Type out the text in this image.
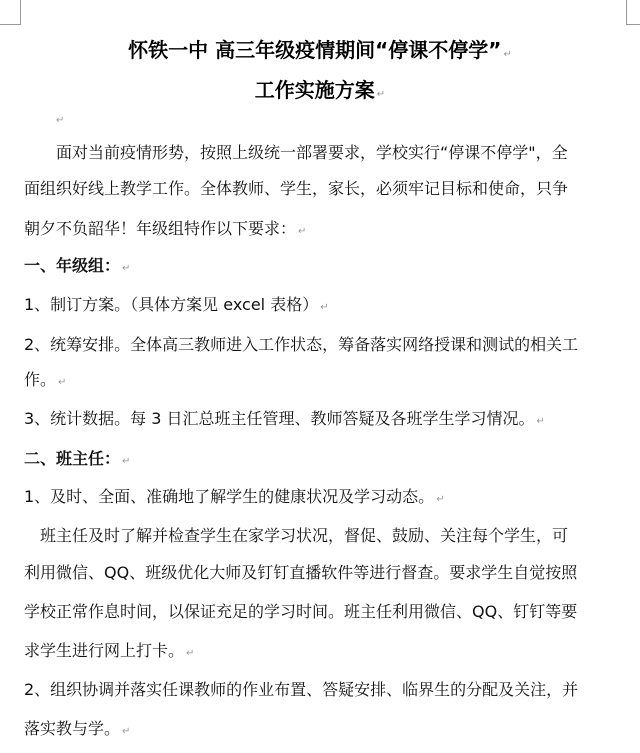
怀铁一中 高三年级疫情期间“停课不停学” ↵
工作实施方案 ↵
↵
　　面对当前疫情形势，按照上级统一部署要求，学校实行“停课不停学"，全
面组织好线上教学工作。全体教师、学生，家长，必须牢记目标和使命，只争
朝夕不负韶华！年级组特作以下要求： ↵
一、年级组： ↵
1、制订方案。（具体方案见 excel 表格） ↵
2、统筹安排。全体高三教师进入工作状态，筹备落实网络授课和测试的相关工
作。 ↵
3、统计数据。每 3 日汇总班主任管理、教师答疑及各班学生学习情况。 ↵
二、班主任： ↵
1、及时、全面、准确地了解学生的健康状况及学习动态。 ↵
　班主任及时了解并检查学生在家学习状况，督促、鼓励、关注每个学生，可
利用微信、QQ、班级优化大师及钉钉直播软件等进行督查。要求学生自觉按照
学校正常作息时间，以保证充足的学习时间。班主任利用微信、QQ、钉钉等要
求学生进行网上打卡。 ↵
2、组织协调并落实任课教师的作业布置、答疑安排、临界生的分配及关注，并
落实教与学。 ↵
